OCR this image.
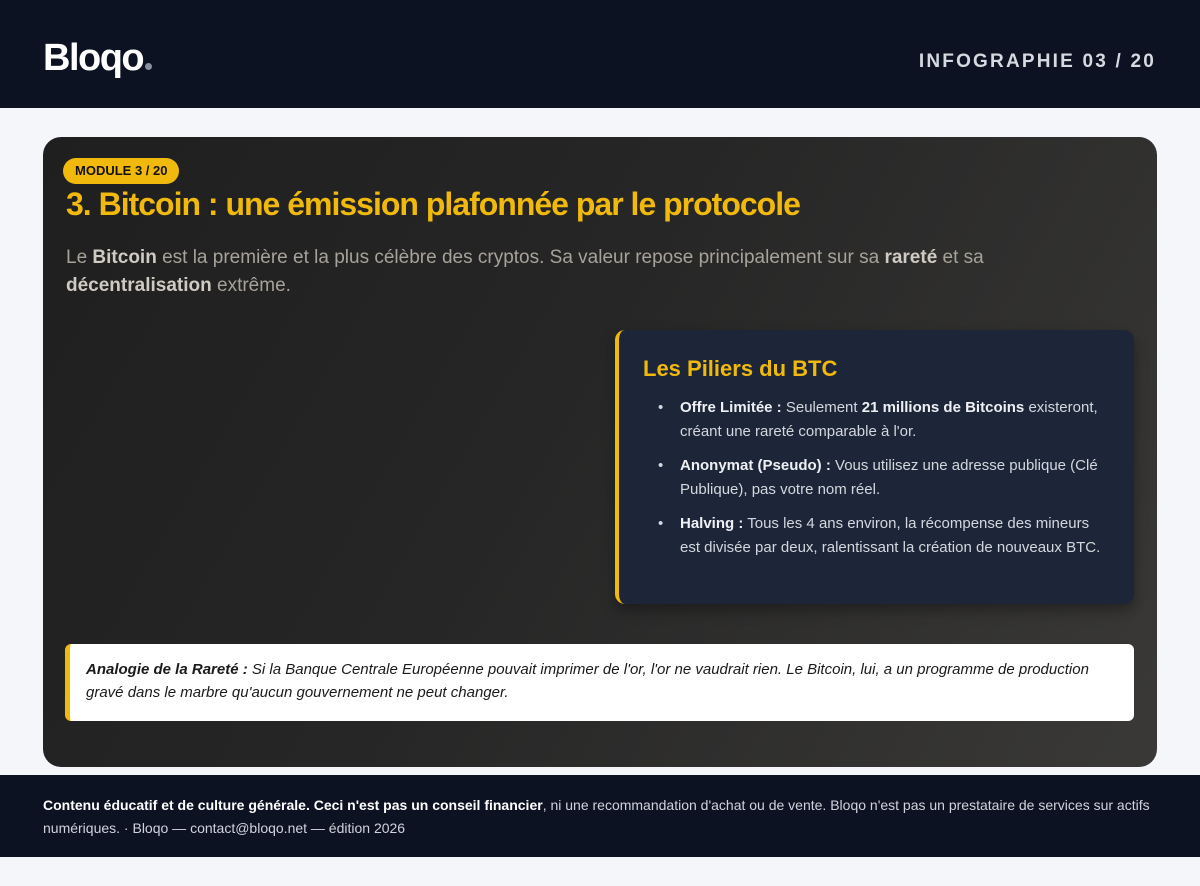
Bloqo	INFOGRAPHIE 03 / 20
MODULE 3 / 20
3. Bitcoin : une émission plafonnée par le protocole

Le Bitcoin est la première et la plus célèbre des cryptos. Sa valeur repose principalement sur sa rareté et sa décentralisation extrême.

Les Piliers du BTC
• Offre Limitée : Seulement 21 millions de Bitcoins existeront, créant une rareté comparable à l'or.
• Anonymat (Pseudo) : Vous utilisez une adresse publique (Clé Publique), pas votre nom réel.
• Halving : Tous les 4 ans environ, la récompense des mineurs est divisée par deux, ralentissant la création de nouveaux BTC.

Analogie de la Rareté : Si la Banque Centrale Européenne pouvait imprimer de l'or, l'or ne vaudrait rien. Le Bitcoin, lui, a un programme de production gravé dans le marbre qu'aucun gouvernement ne peut changer.

Contenu éducatif et de culture générale. Ceci n'est pas un conseil financier, ni une recommandation d'achat ou de vente. Bloqo n'est pas un prestataire de services sur actifs numériques. · Bloqo — contact@bloqo.net — édition 2026
